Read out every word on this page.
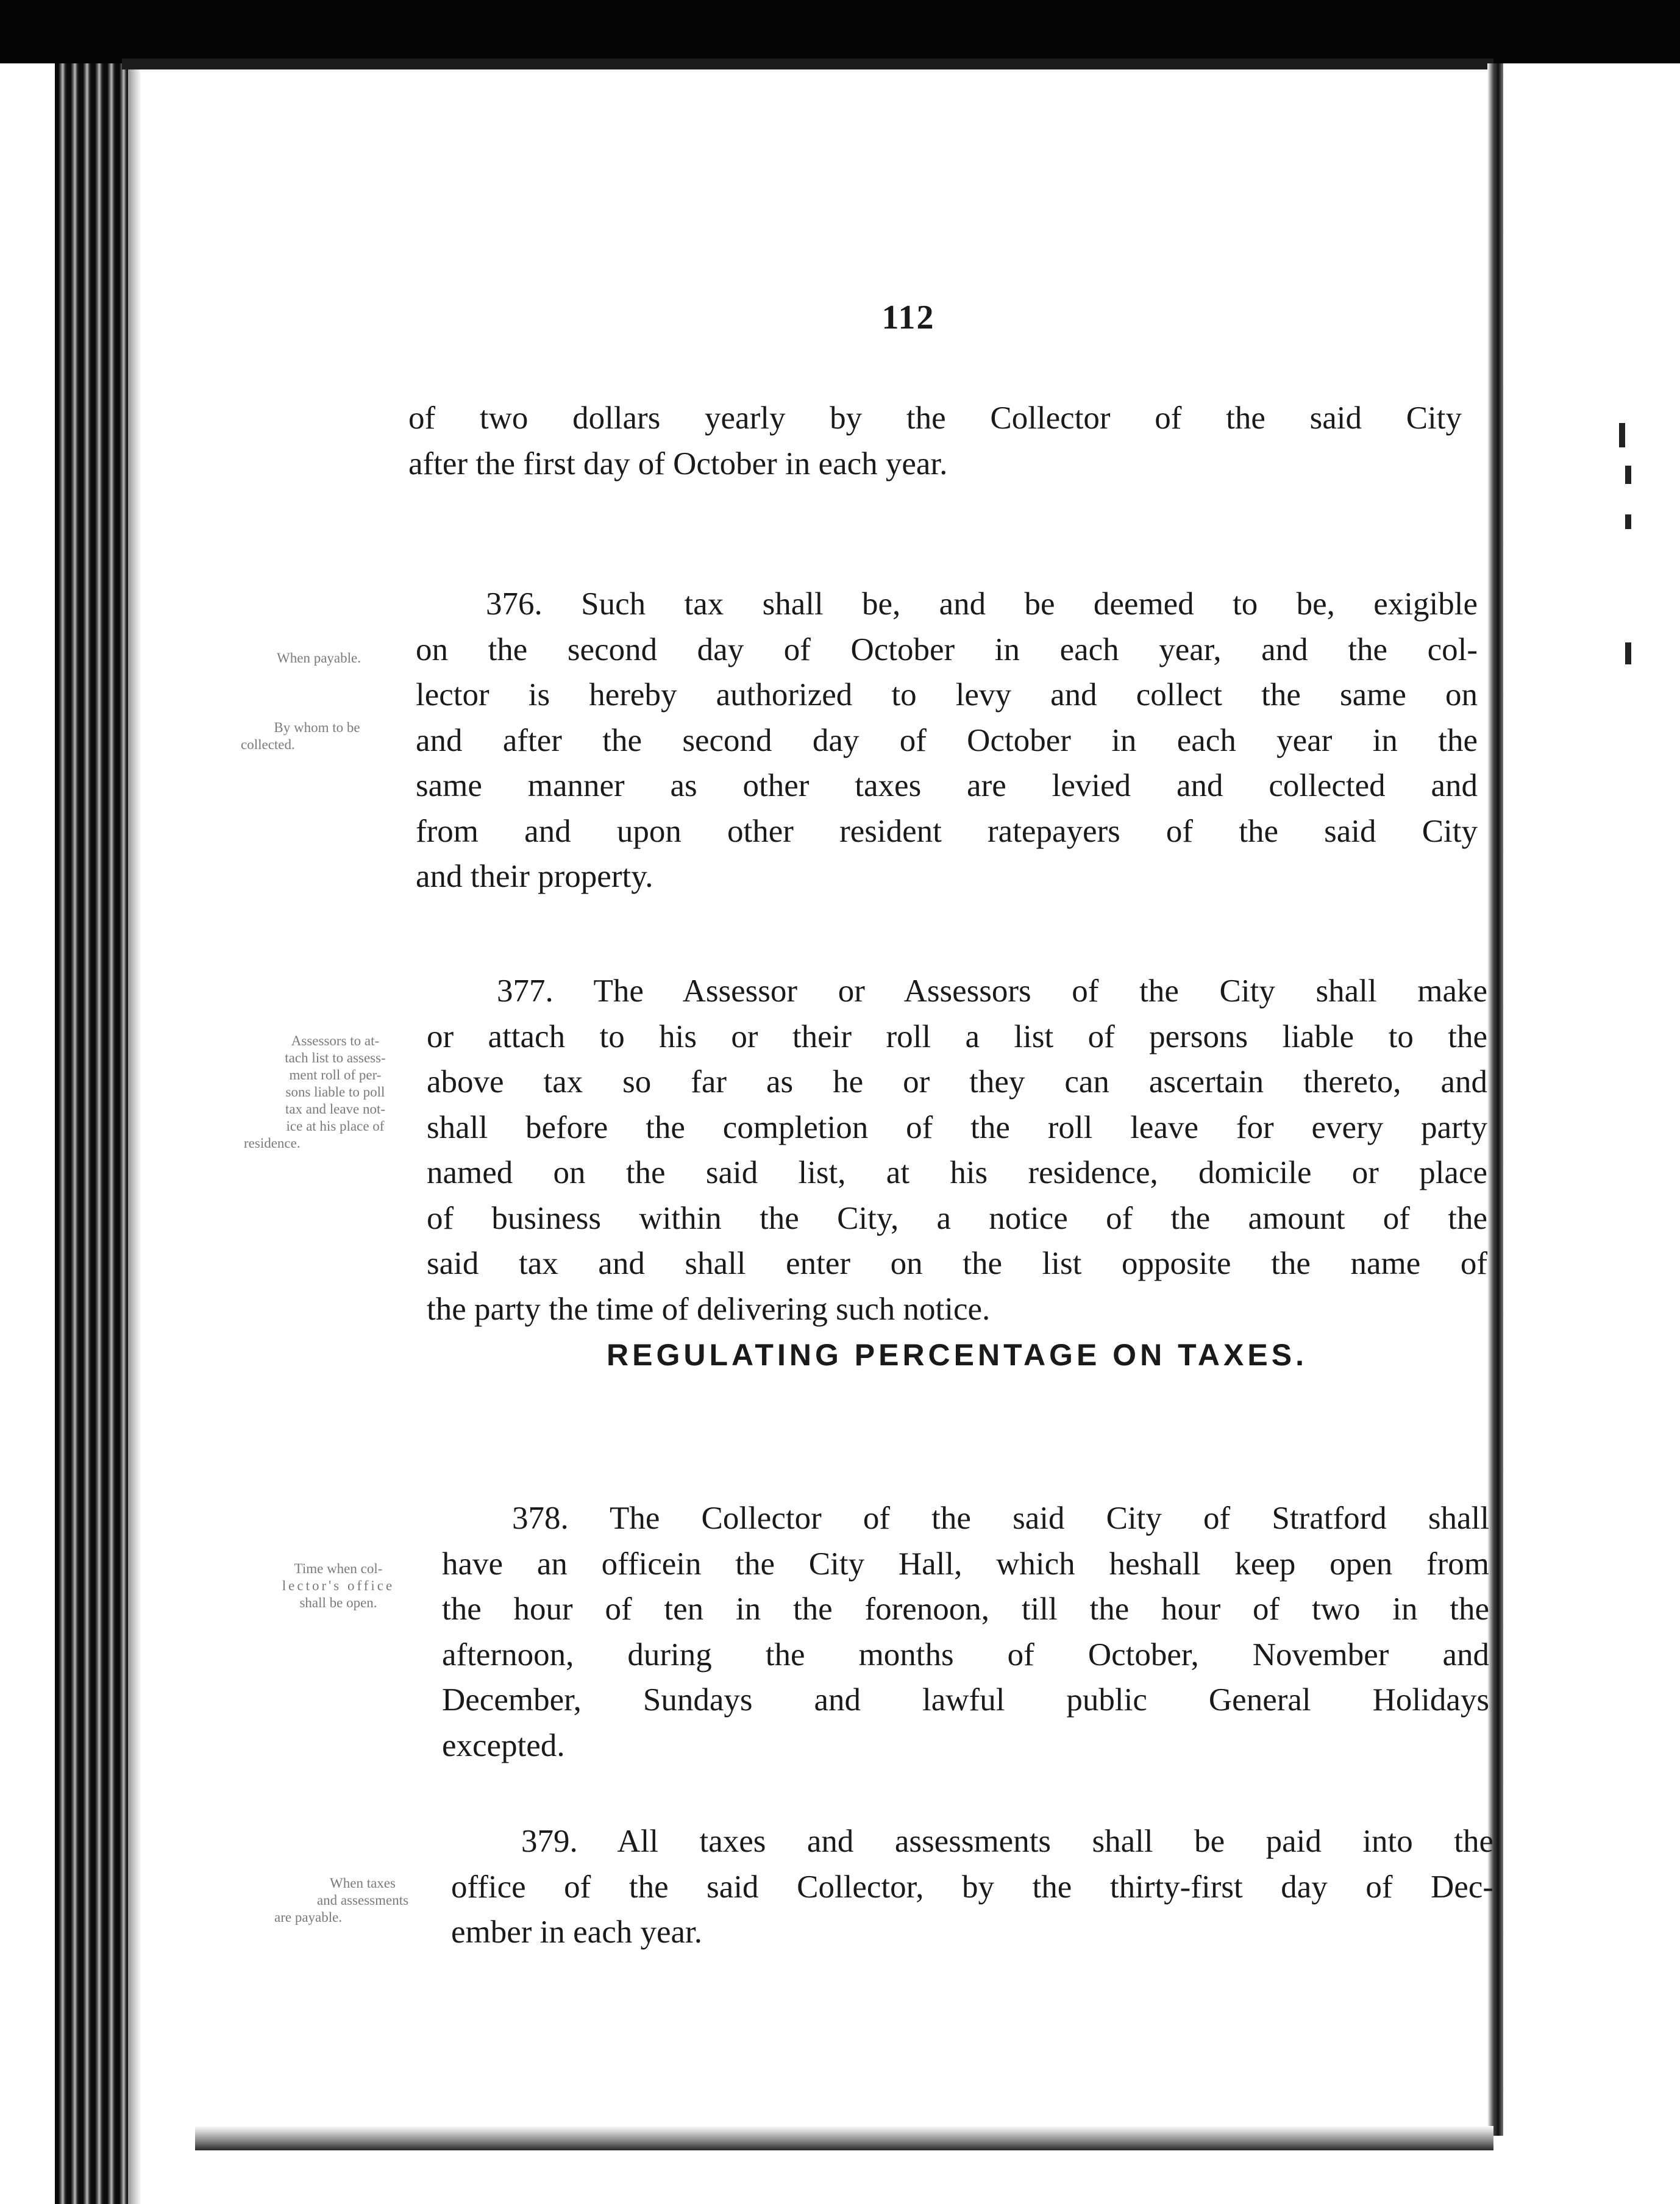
112

of two dollars yearly by the Collector of the said City
after the first day of October in each year.

376. Such tax shall be, and be deemed to be, exigible
on the second day of October in each year, and the col-
lector is hereby authorized to levy and collect the same on
and after the second day of October in each year in the
same manner as other taxes are levied and collected and
from and upon other resident ratepayers of the said City
and their property.

When payable.

By whom to be
collected.

377. The Assessor or Assessors of the City shall make
or attach to his or their roll a list of persons liable to the
above tax so far as he or they can ascertain thereto, and
shall before the completion of the roll leave for every party
named on the said list, at his residence, domicile or place
of business within the City, a notice of the amount of the
said tax and shall enter on the list opposite the name of
the party the time of delivering such notice.

Assessors to at-
tach list to assess-
ment roll of per-
sons liable to poll
tax and leave not-
ice at his place of
residence.

REGULATING PERCENTAGE ON TAXES.

378. The Collector of the said City of Stratford shall
have an officein the City Hall, which heshall keep open from
the hour of ten in the forenoon, till the hour of two in the
afternoon, during the months of October, November and
December, Sundays and lawful public General Holidays
excepted.

Time when col-
lector's office
shall be open.

379. All taxes and assessments shall be paid into the
office of the said Collector, by the thirty-first day of Dec-
ember in each year.

When taxes
and assessments
are payable.
